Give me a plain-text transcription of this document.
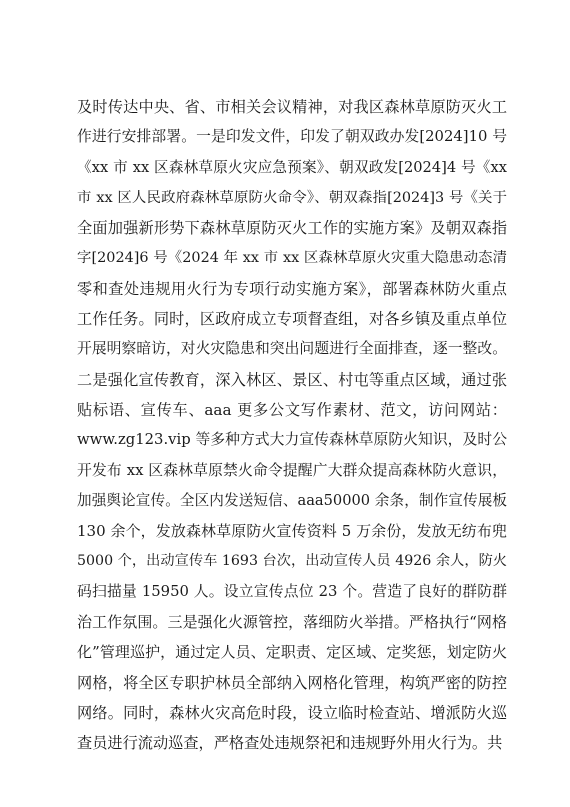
及时传达中央、省、市相关会议精神，对我区森林草原防灭火工
作进行安排部署。一是印发文件，印发了朝双政办发[2024]10 号
《xx 市 xx 区森林草原火灾应急预案》、朝双政发[2024]4 号《xx
市 xx 区人民政府森林草原防火命令》、朝双森指[2024]3 号《关于
全面加强新形势下森林草原防灭火工作的实施方案》及朝双森指
字[2024]6 号《2024 年 xx 市 xx 区森林草原火灾重大隐患动态清
零和查处违规用火行为专项行动实施方案》，部署森林防火重点
工作任务。同时，区政府成立专项督查组，对各乡镇及重点单位
开展明察暗访，对火灾隐患和突出问题进行全面排查，逐一整改。
二是强化宣传教育，深入林区、景区、村屯等重点区域，通过张
贴标语、宣传车、aaa 更多公文写作素材、范文，访问网站：
www.zg123.vip 等多种方式大力宣传森林草原防火知识，及时公
开发布 xx 区森林草原禁火命令提醒广大群众提高森林防火意识，
加强舆论宣传。全区内发送短信、aaa50000 余条，制作宣传展板
130 余个，发放森林草原防火宣传资料 5 万余份，发放无纺布兜
5000 个，出动宣传车 1693 台次，出动宣传人员 4926 余人，防火
码扫描量 15950 人。设立宣传点位 23 个。营造了良好的群防群
治工作氛围。三是强化火源管控，落细防火举措。严格执行“网格
化”管理巡护，通过定人员、定职责、定区域、定奖惩，划定防火
网格，将全区专职护林员全部纳入网格化管理，构筑严密的防控
网络。同时，森林火灾高危时段，设立临时检查站、增派防火巡
查员进行流动巡查，严格查处违规祭祀和违规野外用火行为。共
